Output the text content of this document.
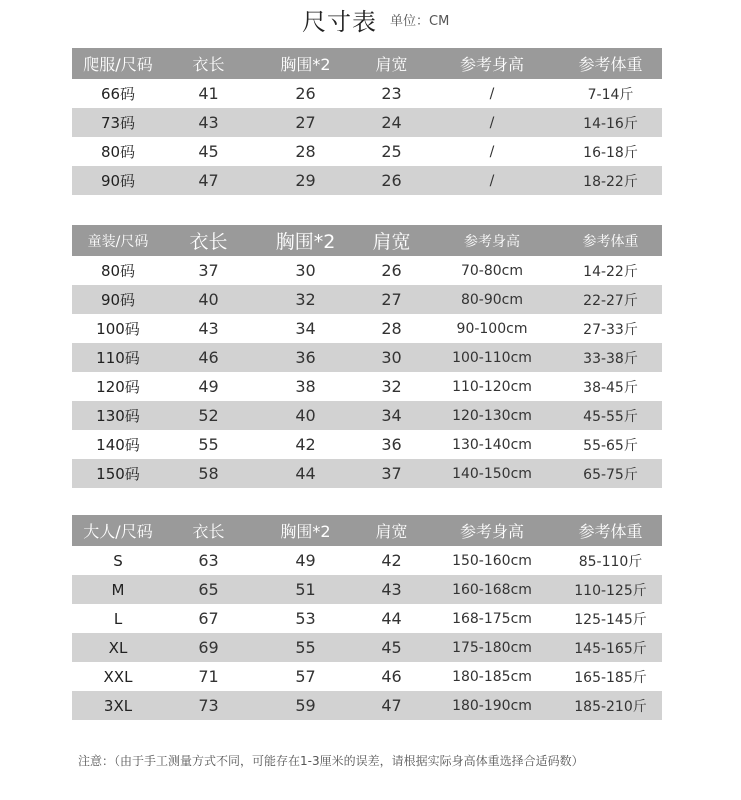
尺寸表 单位：CM
爬服/尺码	衣长	胸围*2	肩宽	参考身高	参考体重
66码	41	26	23	/	7-14斤
73码	43	27	24	/	14-16斤
80码	45	28	25	/	16-18斤
90码	47	29	26	/	18-22斤
童装/尺码	衣长	胸围*2	肩宽	参考身高	参考体重
80码	37	30	26	70-80cm	14-22斤
90码	40	32	27	80-90cm	22-27斤
100码	43	34	28	90-100cm	27-33斤
110码	46	36	30	100-110cm	33-38斤
120码	49	38	32	110-120cm	38-45斤
130码	52	40	34	120-130cm	45-55斤
140码	55	42	36	130-140cm	55-65斤
150码	58	44	37	140-150cm	65-75斤
大人/尺码	衣长	胸围*2	肩宽	参考身高	参考体重
S	63	49	42	150-160cm	85-110斤
M	65	51	43	160-168cm	110-125斤
L	67	53	44	168-175cm	125-145斤
XL	69	55	45	175-180cm	145-165斤
XXL	71	57	46	180-185cm	165-185斤
3XL	73	59	47	180-190cm	185-210斤
注意：（由于手工测量方式不同，可能存在1-3厘米的误差，请根据实际身高体重选择合适码数）
